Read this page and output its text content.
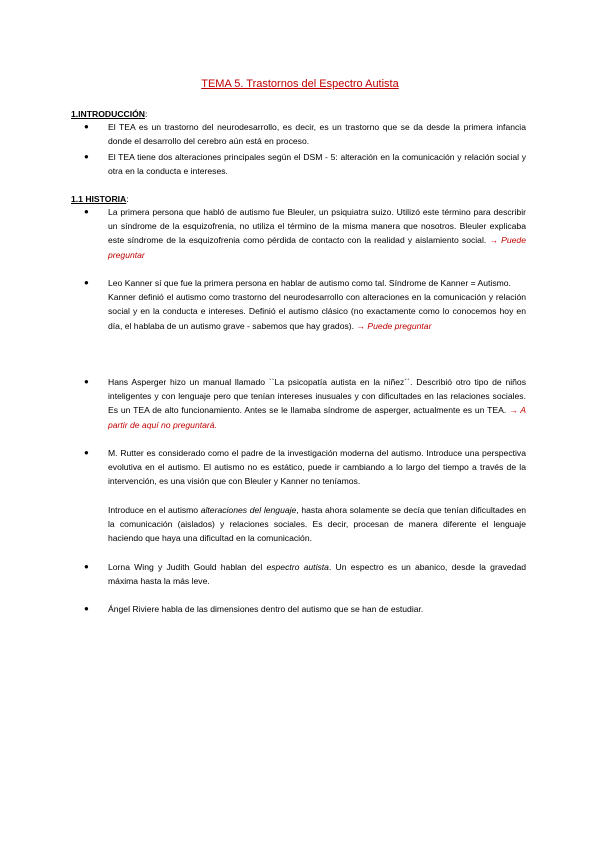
TEMA 5. Trastornos del Espectro Autista
1.INTRODUCCIÓN:
●	El TEA es un trastorno del neurodesarrollo, es decir, es un trastorno que se da desde la primera infancia donde el desarrollo del cerebro aún está en proceso.
●	El TEA tiene dos alteraciones principales según el DSM - 5: alteración en la comunicación y relación social y otra en la conducta e intereses.
1.1 HISTORIA:
●	La primera persona que habló de autismo fue Bleuler, un psiquiatra suizo. Utilizó este término para describir un síndrome de la esquizofrenia, no utiliza el término de la misma manera que nosotros. Bleuler explicaba este síndrome de la esquizofrenia como pérdida de contacto con la realidad y aislamiento social. → Puede preguntar
●	Leo Kanner sí que fue la primera persona en hablar de autismo como tal. Síndrome de Kanner = Autismo.

Kanner definió el autismo como trastorno del neurodesarrollo con alteraciones en la comunicación y relación social y en la conducta e intereses. Definió el autismo clásico (no exactamente como lo conocemos hoy en día, el hablaba de un autismo grave - sabemos que hay grados). → Puede preguntar

●	Hans Asperger hizo un manual llamado ``La psicopatía autista en la niñez´´. Describió otro tipo de niños inteligentes y con lenguaje pero que tenían intereses inusuales y con dificultades en las relaciones sociales. Es un TEA de alto funcionamiento. Antes se le llamaba síndrome de asperger, actualmente es un TEA. → A partir de aquí no preguntará.
●	M. Rutter es considerado como el padre de la investigación moderna del autismo. Introduce una perspectiva evolutiva en el autismo. El autismo no es estático, puede ir cambiando a lo largo del tiempo a través de la intervención, es una visión que con Bleuler y Kanner no teníamos.
Introduce en el autismo alteraciones del lenguaje, hasta ahora solamente se decía que tenían dificultades en la comunicación (aislados) y relaciones sociales. Es decir, procesan de manera diferente el lenguaje haciendo que haya una dificultad en la comunicación.
●	Lorna Wing y Judith Gould hablan del espectro autista. Un espectro es un abanico, desde la gravedad máxima hasta la más leve.
●	Ángel Riviere habla de las dimensiones dentro del autismo que se han de estudiar.
